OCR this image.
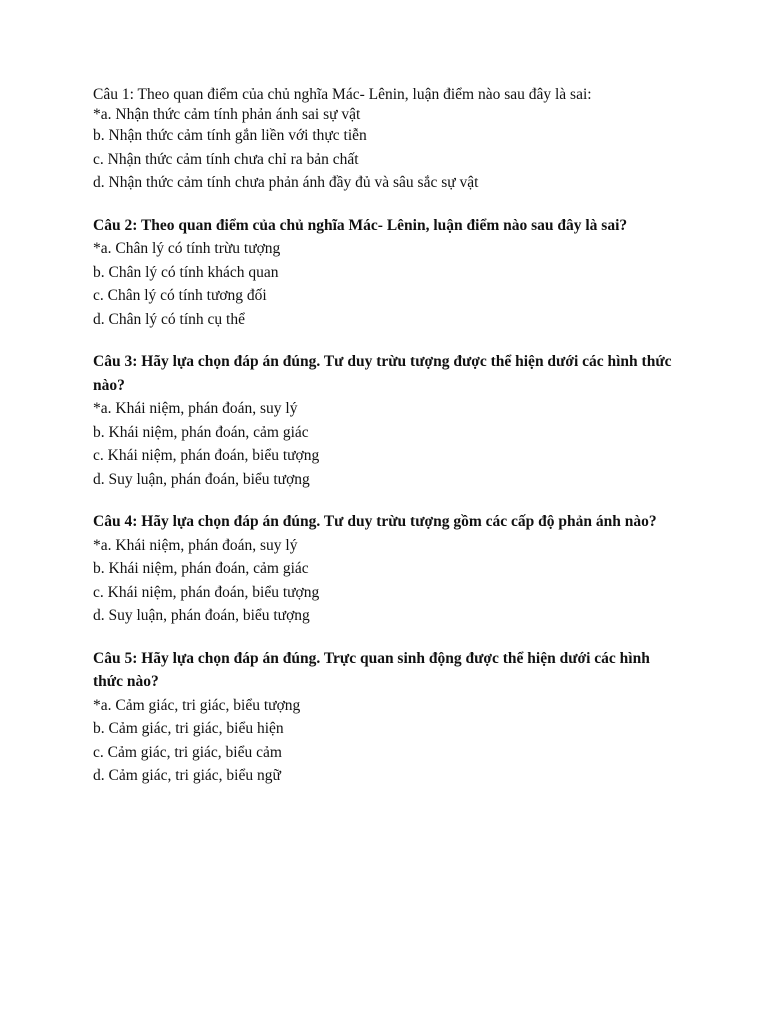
Câu 1: Theo quan điểm của chủ nghĩa Mác- Lênin, luận điểm nào sau đây là sai:

*a. Nhận thức cảm tính phản ánh sai sự vật
b. Nhận thức cảm tính gắn liền với thực tiễn
c. Nhận thức cảm tính chưa chỉ ra bản chất
d. Nhận thức cảm tính chưa phản ánh đầy đủ và sâu sắc sự vật

Câu 2: Theo quan điểm của chủ nghĩa Mác- Lênin, luận điểm nào sau đây là sai?

*a. Chân lý có tính trừu tượng
b. Chân lý có tính khách quan
c. Chân lý có tính tương đối
d. Chân lý có tính cụ thể

Câu 3: Hãy lựa chọn đáp án đúng. Tư duy trừu tượng được thể hiện dưới các hình thức nào?

*a. Khái niệm, phán đoán, suy lý
b. Khái niệm, phán đoán, cảm giác
c. Khái niệm, phán đoán, biểu tượng
d. Suy luận, phán đoán, biểu tượng

Câu 4: Hãy lựa chọn đáp án đúng. Tư duy trừu tượng gồm các cấp độ phản ánh nào?

*a. Khái niệm, phán đoán, suy lý
b. Khái niệm, phán đoán, cảm giác
c. Khái niệm, phán đoán, biểu tượng
d. Suy luận, phán đoán, biểu tượng

Câu 5: Hãy lựa chọn đáp án đúng. Trực quan sinh động được thể hiện dưới các hình thức nào?

*a. Cảm giác, tri giác, biểu tượng
b. Cảm giác, tri giác, biểu hiện
c. Cảm giác, tri giác, biểu cảm
d. Cảm giác, tri giác, biểu ngữ
